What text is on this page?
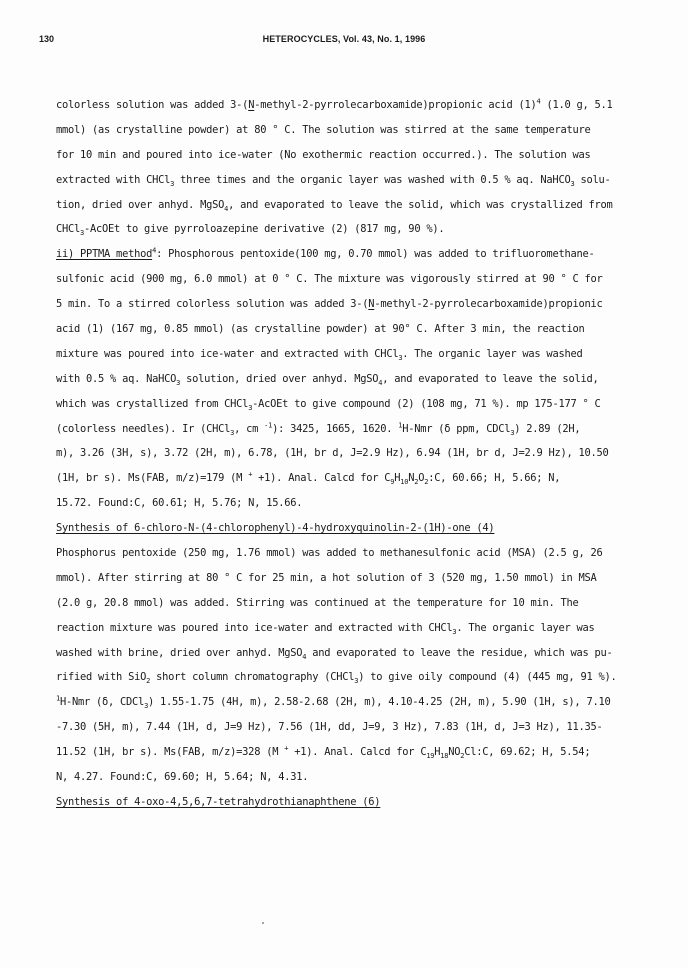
130	HETEROCYCLES, Vol. 43, No. 1, 1996
colorless solution was added 3-(N-methyl-2-pyrrolecarboxamide)propionic acid $(1)^4$ (1.0 g, 5.1
mmol) (as crystalline powder) at 80 ° C. The solution was stirred at the same temperature
for 10 min and poured into ice-water (No exothermic reaction occurred.). The solution was
extracted with CHCl$_3$ three times and the organic layer was washed with 0.5 % aq. NaHCO$_3$ solu-
tion, dried over anhyd. MgSO$_4$, and evaporated to leave the solid, which was crystallized from
CHCl$_3$-AcOEt to give pyrroloazepine derivative (2) (817 mg, 90 %).
ii) PPTMA method$^4$: Phosphorous pentoxide(100 mg, 0.70 mmol) was added to trifluoromethane-
sulfonic acid (900 mg, 6.0 mmol) at 0 ° C. The mixture was vigorously stirred at 90 ° C for
5 min. To a stirred colorless solution was added 3-(N-methyl-2-pyrrolecarboxamide)propionic
acid (1) (167 mg, 0.85 mmol) (as crystalline powder) at 90° C. After 3 min, the reaction
mixture was poured into ice-water and extracted with CHCl$_3$. The organic layer was washed
with 0.5 % aq. NaHCO$_3$ solution, dried over anhyd. MgSO$_4$, and evaporated to leave the solid,
which was crystallized from CHCl$_3$-AcOEt to give compound (2) (108 mg, 71 %). mp 175-177 ° C
(colorless needles). Ir (CHCl$_3$, cm $^{-1}$): 3425, 1665, 1620. $^1$H-Nmr (δ ppm, CDCl$_3$) 2.89 (2H,
m), 3.26 (3H, s), 3.72 (2H, m), 6.78, (1H, br d, J=2.9 Hz), 6.94 (1H, br d, J=2.9 Hz), 10.50
(1H, br s). Ms(FAB, m/z)=179 (M + +1). Anal. Calcd for $C_9H_{10}N_2O_2:C$, 60.66; H, 5.66; N,
15.72. Found:C, 60.61; H, 5.76; N, 15.66.
Synthesis of 6-chloro-N-(4-chlorophenyl)-4-hydroxyquinolin-2-(1H)-one (4)
Phosphorus pentoxide (250 mg, 1.76 mmol) was added to methanesulfonic acid (MSA) (2.5 g, 26
mmol). After stirring at 80 ° C for 25 min, a hot solution of 3 (520 mg, 1.50 mmol) in MSA
(2.0 g, 20.8 mmol) was added. Stirring was continued at the temperature for 10 min. The
reaction mixture was poured into ice-water and extracted with CHCl$_3$. The organic layer was
washed with brine, dried over anhyd. MgSO$_4$ and evaporated to leave the residue, which was pu-
rified with SiO$_2$ short column chromatography (CHCl$_3$) to give oily compound (4) (445 mg, 91 %).
$^1$H-Nmr (δ, CDCl$_3$) 1.55-1.75 (4H, m), 2.58-2.68 (2H, m), 4.10-4.25 (2H, m), 5.90 (1H, s), 7.10
-7.30 (5H, m), 7.44 (1H, d, J=9 Hz), 7.56 (1H, dd, J=9, 3 Hz), 7.83 (1H, d, J=3 Hz), 11.35-
11.52 (1H, br s). Ms(FAB, m/z)=328 (M + +1). Anal. Calcd for $C_{19}H_{18}NO_2Cl:C$, 69.62; H, 5.54;
N, 4.27. Found:C, 69.60; H, 5.64; N, 4.31.
Synthesis of 4-oxo-4,5,6,7-tetrahydrothianaphthene (6)
